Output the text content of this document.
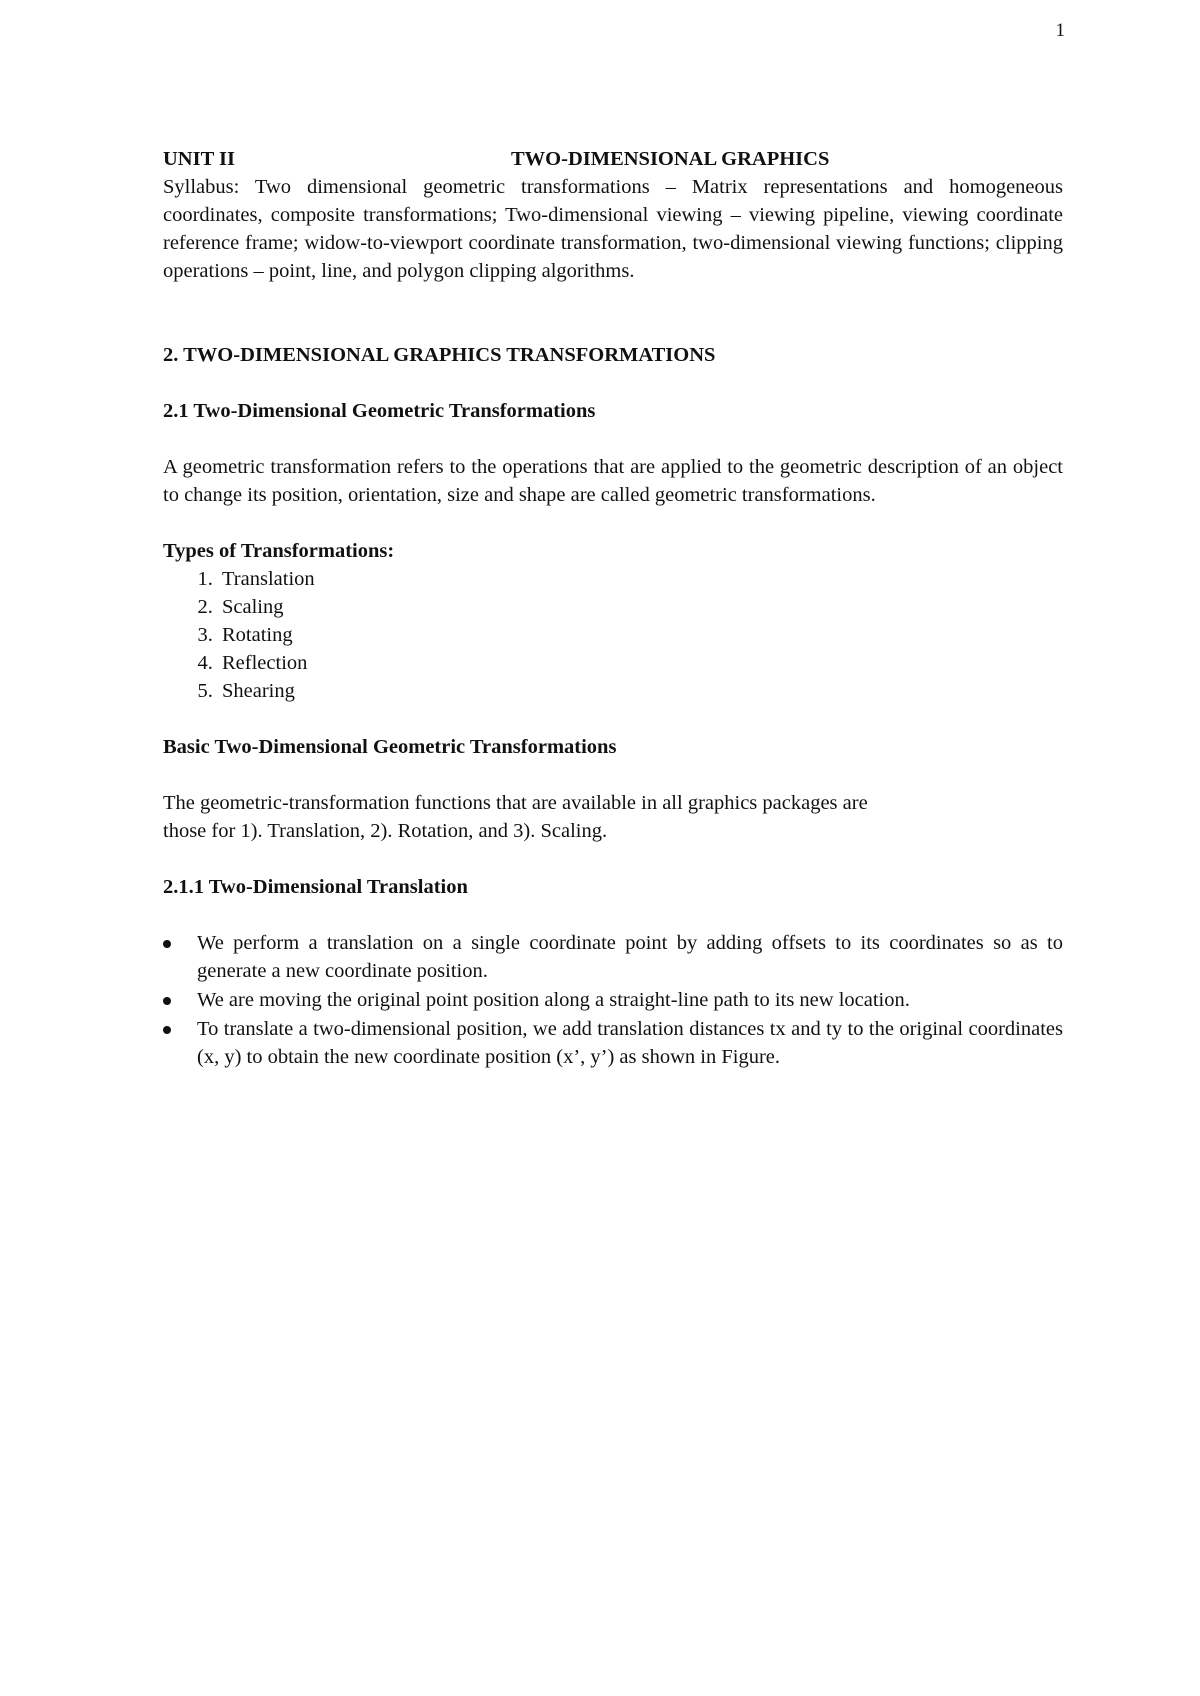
1
UNIT II	TWO-DIMENSIONAL GRAPHICS

Syllabus: Two dimensional geometric transformations – Matrix representations and homogeneous coordinates, composite transformations; Two-dimensional viewing – viewing pipeline, viewing coordinate reference frame; widow-to-viewport coordinate transformation, two-dimensional viewing functions; clipping operations – point, line, and polygon clipping algorithms.

2. TWO-DIMENSIONAL GRAPHICS TRANSFORMATIONS

2.1 Two-Dimensional Geometric Transformations

A geometric transformation refers to the operations that are applied to the geometric description of an object to change its position, orientation, size and shape are called geometric transformations.

Types of Transformations:

1. Translation
2. Scaling
3. Rotating
4. Reflection
5. Shearing

Basic Two-Dimensional Geometric Transformations

The geometric-transformation functions that are available in all graphics packages are
those for 1). Translation, 2). Rotation, and 3). Scaling.

2.1.1 Two-Dimensional Translation

We perform a translation on a single coordinate point by adding offsets to its coordinates so as to generate a new coordinate position.
We are moving the original point position along a straight-line path to its new location.
To translate a two-dimensional position, we add translation distances tx and ty to the original coordinates (x, y) to obtain the new coordinate position (x’, y’) as shown in Figure.
